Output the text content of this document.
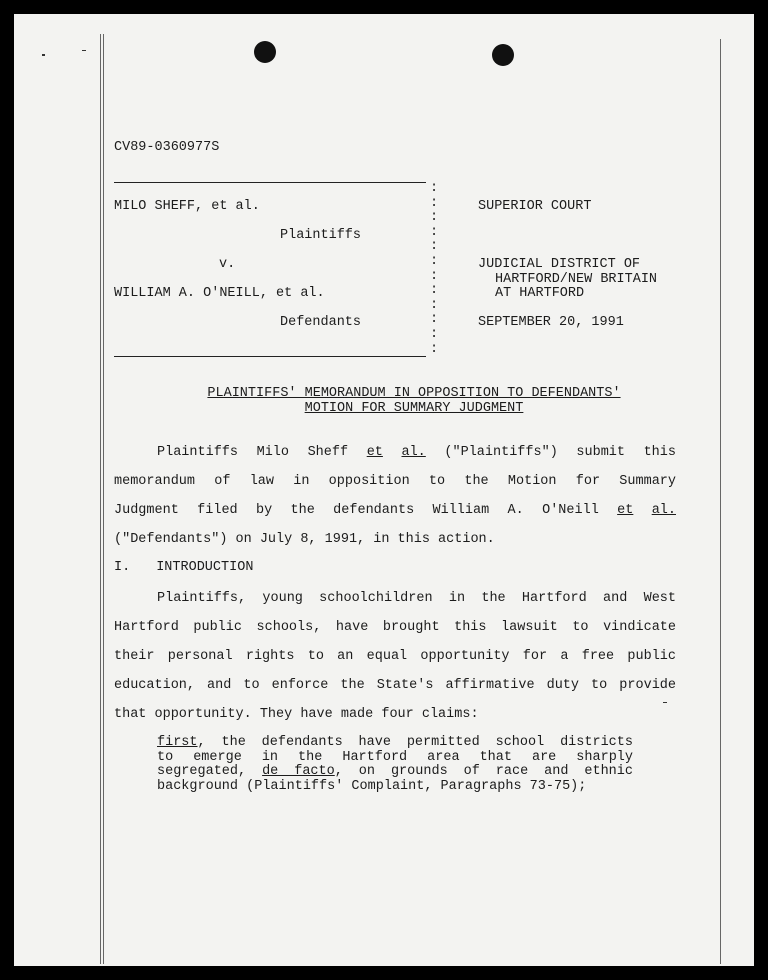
CV89-0360977S
MILO SHEFF, et al.
Plaintiffs
v.
WILLIAM A. O'NEILL, et al.
Defendants
:
:
:
:
:
:
:
:
:
:
:
:
SUPERIOR COURT
JUDICIAL DISTRICT OF
HARTFORD/NEW BRITAIN
AT HARTFORD
SEPTEMBER 20, 1991
PLAINTIFFS' MEMORANDUM IN OPPOSITION TO DEFENDANTS'
MOTION FOR SUMMARY JUDGMENT
Plaintiffs Milo Sheff et al. ("Plaintiffs") submit this
memorandum of law in opposition to the Motion for Summary
Judgment filed by the defendants William A. O'Neill et al.
("Defendants") on July 8, 1991, in this action.
I. INTRODUCTION
Plaintiffs, young schoolchildren in the Hartford and West
Hartford public schools, have brought this lawsuit to vindicate
their personal rights to an equal opportunity for a free public
education, and to enforce the State's affirmative duty to provide
that opportunity. They have made four claims:
first, the defendants have permitted school districts
to emerge in the Hartford area that are sharply
segregated, de facto, on grounds of race and ethnic
background (Plaintiffs' Complaint, Paragraphs 73-75);
